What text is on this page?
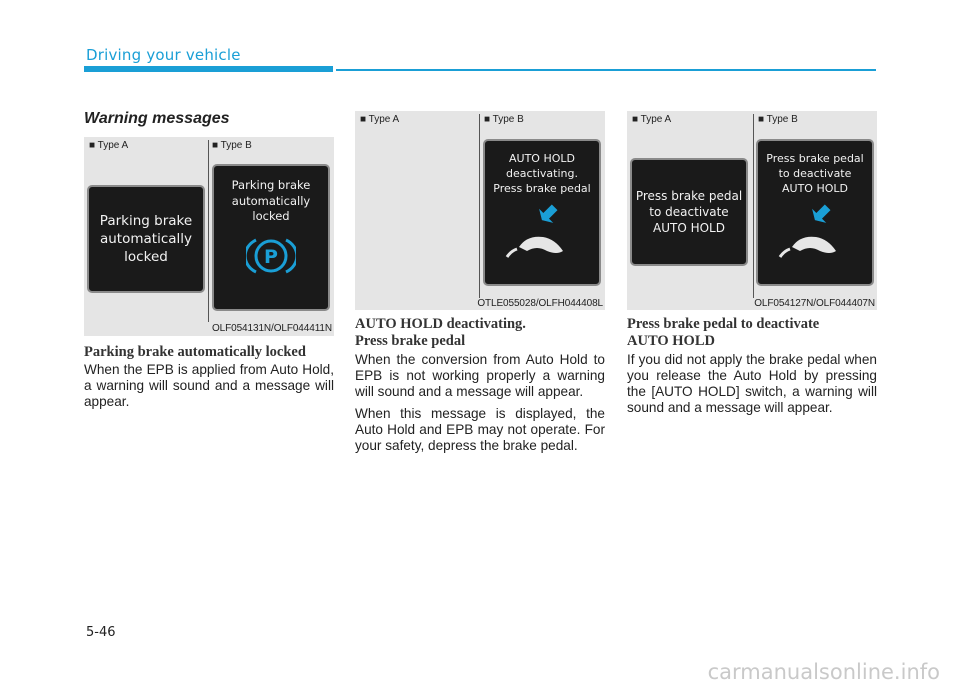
Driving your vehicle
Warning messages
■ Type A	■ Type B
Parking brake
automatically
locked
Parking brake
automatically
locked
P
OLF054131N/OLF044411N
■ Type A	■ Type B
AUTO HOLD
deactivating.
Press brake pedal
OTLE055028/OLFH044408L
■ Type A	■ Type B
Press brake pedal
to deactivate
AUTO HOLD
Press brake pedal
to deactivate
AUTO HOLD
OLF054127N/OLF044407N
Parking brake automatically locked

When the EPB is applied from Auto Hold, a warning will sound and a message will appear.

AUTO HOLD deactivating.
Press brake pedal

When the conversion from Auto Hold to EPB is not working properly a warning will sound and a message will appear.

When this message is displayed, the Auto Hold and EPB may not operate. For your safety, depress the brake pedal.

Press brake pedal to deactivate
AUTO HOLD

If you did not apply the brake pedal when you release the Auto Hold by pressing the [AUTO HOLD] switch, a warning will sound and a message will appear.

5-46
carmanualsonline.info
